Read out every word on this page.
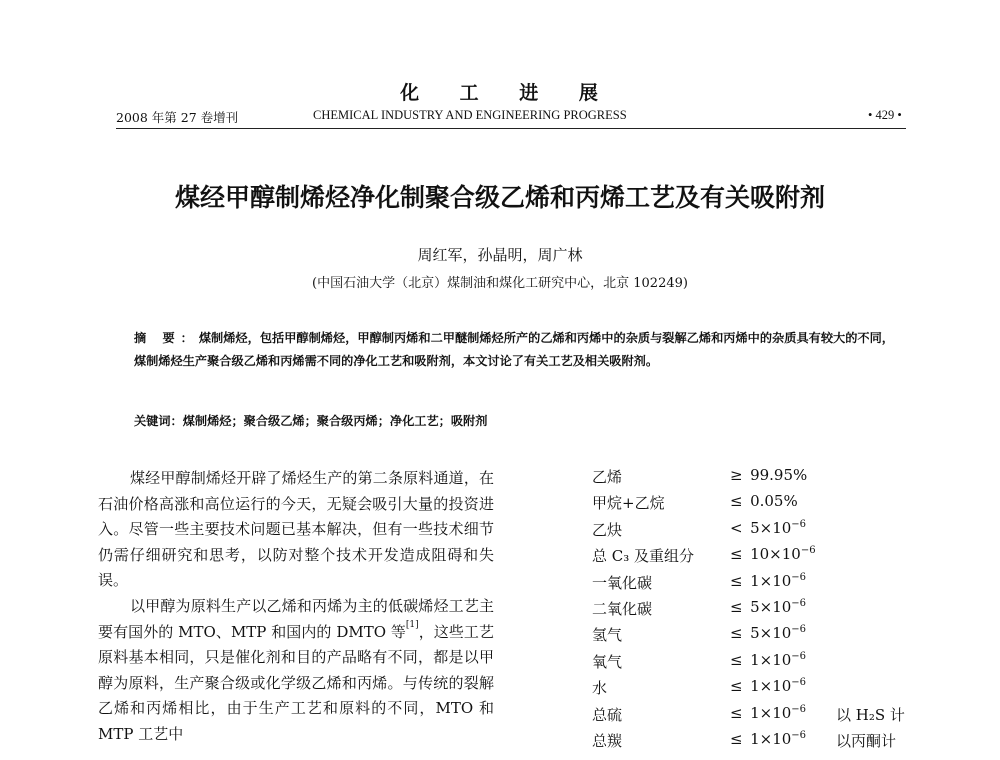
化 工 进 展
2008 年第 27 卷增刊	CHEMICAL INDUSTRY AND ENGINEERING PROGRESS	• 429 •
煤经甲醇制烯烃净化制聚合级乙烯和丙烯工艺及有关吸附剂
周红军，孙晶明，周广林
(中国石油大学（北京）煤制油和煤化工研究中心，北京 102249)
摘 要：煤制烯烃，包括甲醇制烯烃，甲醇制丙烯和二甲醚制烯烃所产的乙烯和丙烯中的杂质与裂解乙烯和丙烯中的杂质具有较大的不同，煤制烯烃生产聚合级乙烯和丙烯需不同的净化工艺和吸附剂，本文讨论了有关工艺及相关吸附剂。
关键词：煤制烯烃；聚合级乙烯；聚合级丙烯；净化工艺；吸附剂

煤经甲醇制烯烃开辟了烯烃生产的第二条原料通道，在石油价格高涨和高位运行的今天，无疑会吸引大量的投资进入。尽管一些主要技术问题已基本解决，但有一些技术细节仍需仔细研究和思考，以防对整个技术开发造成阻碍和失误。

以甲醇为原料生产以乙烯和丙烯为主的低碳烯烃工艺主要有国外的 MTO、MTP 和国内的 DMTO 等[1]，这些工艺原料基本相同，只是催化剂和目的产品略有不同，都是以甲醇为原料，生产聚合级或化学级乙烯和丙烯。与传统的裂解乙烯和丙烯相比，由于生产工艺和原料的不同，MTO 和 MTP 工艺中

乙烯	≥  99.95%
甲烷+乙烷	≤  0.05%
乙炔	<  $5\times 10^{-6}$
总 C₃ 及重组分 ≤  $10\times 10^{-6}$
一氧化碳	≤  $1\times 10^{-6}$
二氧化碳	≤  $5\times 10^{-6}$
氢气	≤  $5\times 10^{-6}$
氧气	≤  $1\times 10^{-6}$
水	≤  $1\times 10^{-6}$
总硫	≤  $1\times 10^{-6}$ 以 H₂S 计
总羰	≤  $1\times 10^{-6}$ 以丙酮计
